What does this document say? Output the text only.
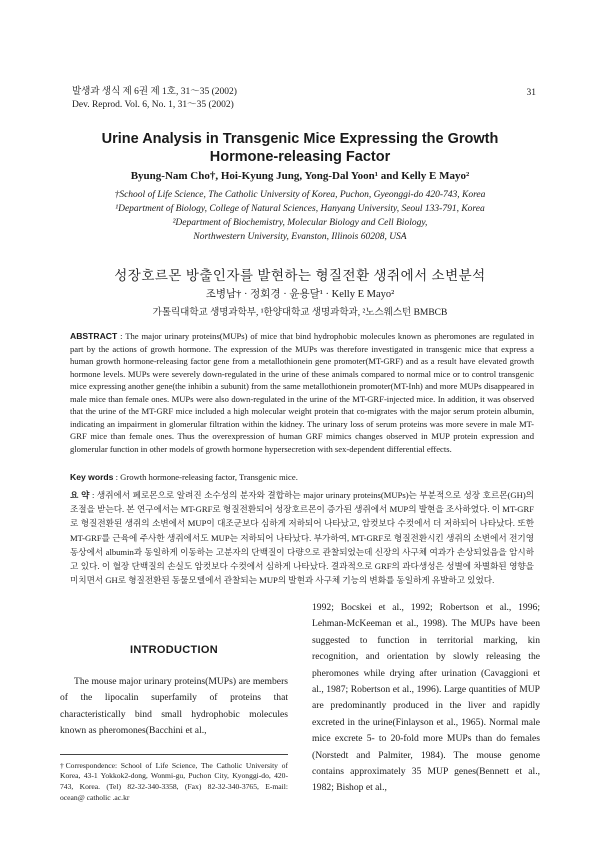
발생과 생식 제 6권 제 1호, 31～35 (2002)
Dev. Reprod. Vol. 6, No. 1, 31～35 (2002)
31
Urine Analysis in Transgenic Mice Expressing the Growth
Hormone-releasing Factor
Byung-Nam Cho†, Hoi-Kyung Jung, Yong-Dal Yoon¹ and Kelly E Mayo²
†School of Life Science, The Catholic University of Korea, Puchon, Gyeonggi-do 420-743, Korea
¹Department of Biology, College of Natural Sciences, Hanyang University, Seoul 133-791, Korea
²Department of Biochemistry, Molecular Biology and Cell Biology,
Northwestern University, Evanston, Illinois 60208, USA
성장호르몬 방출인자를 발현하는 형질전환 생쥐에서 소변분석
조병남† · 정회경 · 윤용달¹ · Kelly E Mayo²
가톨릭대학교 생명과학부, ¹한양대학교 생명과학과, ²노스웨스턴 BMBCB
ABSTRACT : The major urinary proteins(MUPs) of mice that bind hydrophobic molecules known as pheromones are regulated in part by the actions of growth hormone. The expression of the MUPs was therefore investigated in transgenic mice that express a human growth hormone-releasing factor gene from a metallothionein gene promoter(MT-GRF) and as a result have elevated growth hormone levels. MUPs were severely down-regulated in the urine of these animals compared to normal mice or to control transgenic mice expressing another gene(the inhibin a subunit) from the same metallothionein promoter(MT-Inh) and more MUPs disappeared in male mice than female ones. MUPs were also down-regulated in the urine of the MT-GRF-injected mice. In addition, it was observed that the urine of the MT-GRF mice included a high molecular weight protein that co-migrates with the major serum protein albumin, indicating an impairment in glomerular filtration within the kidney. The urinary loss of serum proteins was more severe in male MT-GRF mice than female ones. Thus the overexpression of human GRF mimics changes observed in MUP protein expression and glomerular function in other models of growth hormone hypersecretion with sex-dependent differential effects.
Key words : Growth hormone-releasing factor, Transgenic mice.
요 약 : 생쥐에서 페로몬으로 알려진 소수성의 분자와 결합하는 major urinary proteins(MUPs)는 부분적으로 성장 호르몬(GH)의 조절을 받는다. 본 연구에서는 MT-GRF로 형질전환되어 성장호르몬이 증가된 생쥐에서 MUP의 발현을 조사하였다. 이 MT-GRF로 형질전환된 생쥐의 소변에서 MUP이 대조군보다 심하게 저하되어 나타났고, 암컷보다 수컷에서 더 저하되어 나타났다. 또한 MT-GRF를 근육에 주사한 생쥐에서도 MUP는 저하되어 나타났다. 부가하여, MT-GRF로 형질전환시킨 생쥐의 소변에서 전기영동상에서 albumin과 동일하게 이동하는 고분자의 단백질이 다량으로 관찰되었는데 신장의 사구체 여과가 손상되었음을 암시하고 있다. 이 혈장 단백질의 손실도 암컷보다 수컷에서 심하게 나타났다. 결과적으로 GRF의 과다생성은 성별에 차별화된 영향을 미치면서 GH로 형질전환된 동물모델에서 관찰되는 MUP의 발현과 사구체 기능의 변화를 동일하게 유발하고 있었다.
INTRODUCTION

The mouse major urinary proteins(MUPs) are members of the lipocalin superfamily of proteins that characteristically bind small hydrophobic molecules known as pheromones(Bacchini et al.,

†Correspondence: School of Life Science, The Catholic University of Korea, 43-1 Yokkok2-dong, Wonmi-gu, Puchon City, Kyonggi-do, 420-743, Korea. (Tel) 82-32-340-3358, (Fax) 82-32-340-3765, E-mail: ocean@ catholic .ac.kr

1992; Bocskei et al., 1992; Robertson et al., 1996; Lehman-McKeeman et al., 1998). The MUPs have been suggested to function in territorial marking, kin recognition, and orientation by slowly releasing the pheromones while drying after urination (Cavaggioni et al., 1987; Robertson et al., 1996). Large quantities of MUP are predominantly produced in the liver and rapidly excreted in the urine(Finlayson et al., 1965). Normal male mice excrete 5- to 20-fold more MUPs than do females (Norstedt and Palmiter, 1984). The mouse genome contains approximately 35 MUP genes(Bennett et al., 1982; Bishop et al.,
